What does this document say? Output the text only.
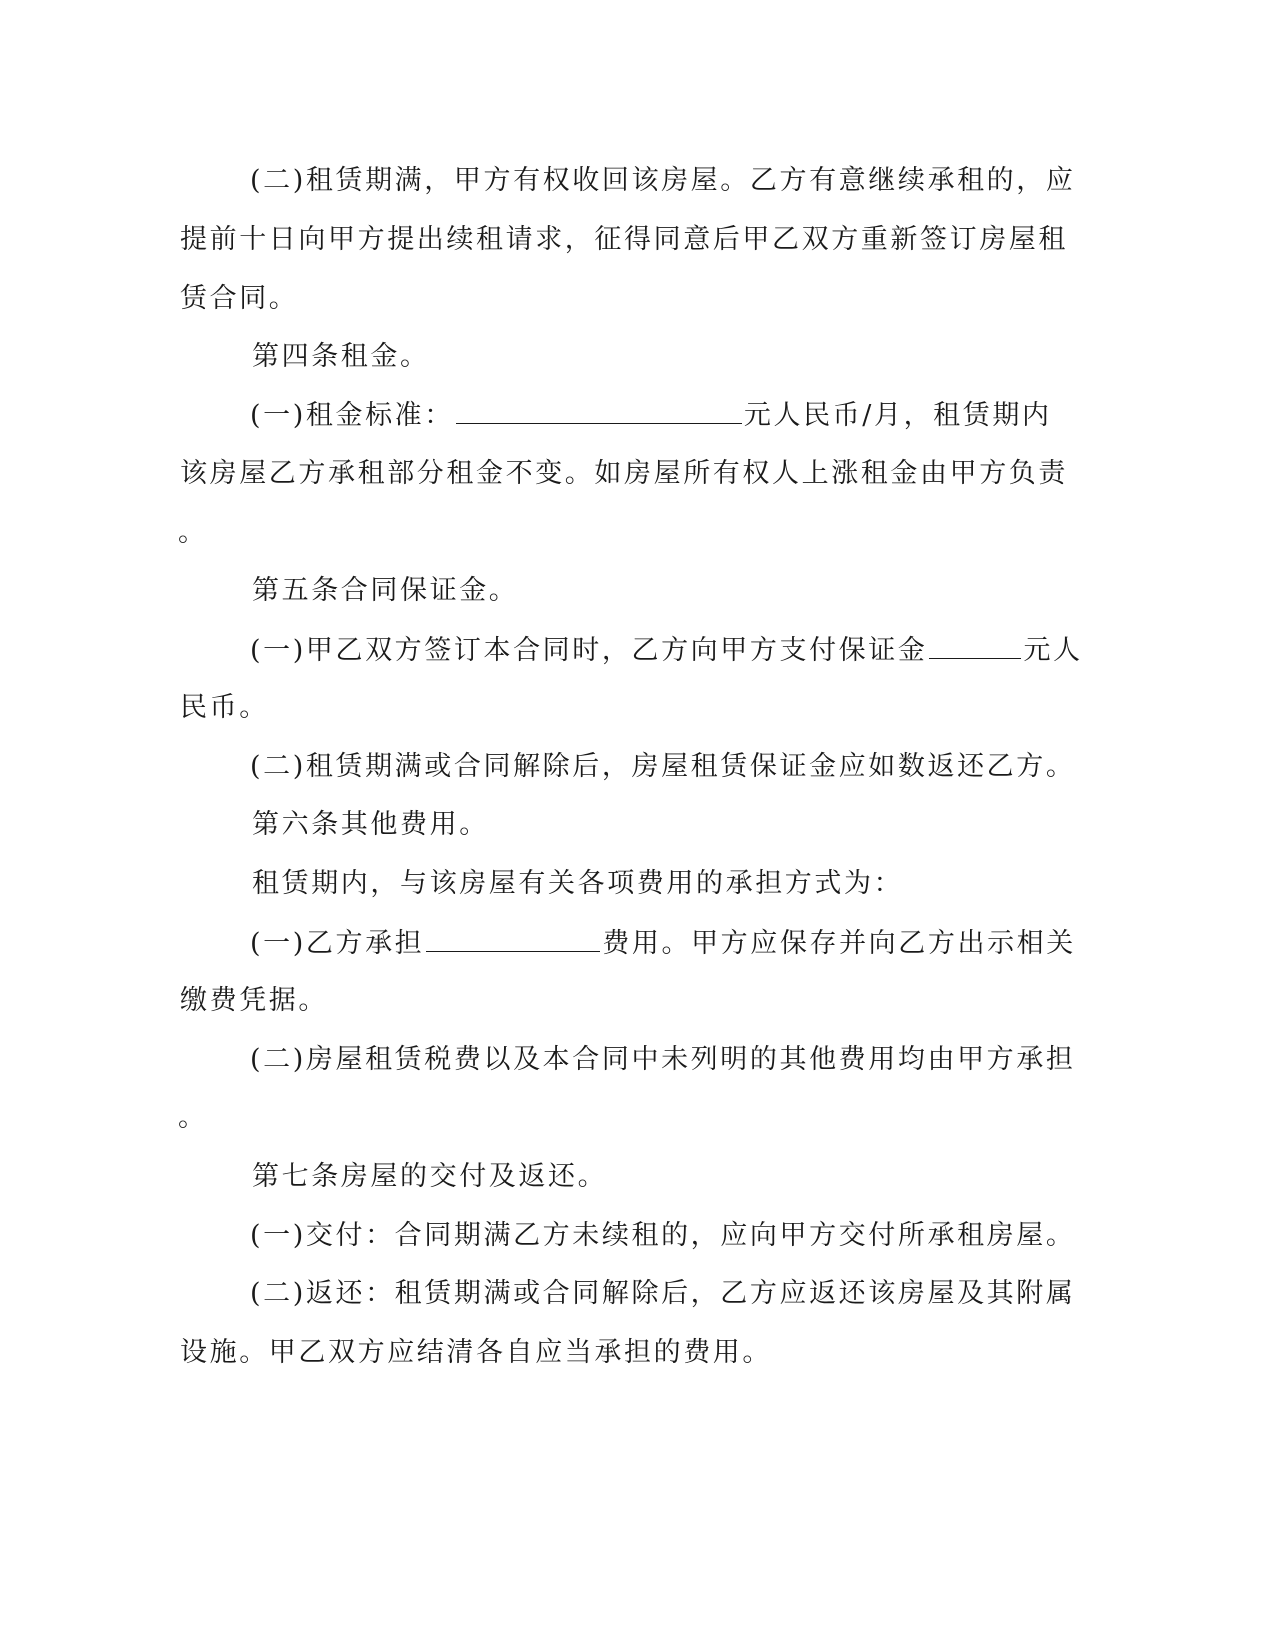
(二)租赁期满，甲方有权收回该房屋。乙方有意继续承租的，应

提前十日向甲方提出续租请求，征得同意后甲乙双方重新签订房屋租

赁合同。

第四条租金。

(一)租金标准：	元人民币/月，租赁期内

该房屋乙方承租部分租金不变。如房屋所有权人上涨租金由甲方负责

。

第五条合同保证金。

(一)甲乙双方签订本合同时，乙方向甲方支付保证金	元人

民币。

(二)租赁期满或合同解除后，房屋租赁保证金应如数返还乙方。

第六条其他费用。

租赁期内，与该房屋有关各项费用的承担方式为：

(一)乙方承担	费用。甲方应保存并向乙方出示相关

缴费凭据。

(二)房屋租赁税费以及本合同中未列明的其他费用均由甲方承担

。

第七条房屋的交付及返还。

(一)交付：合同期满乙方未续租的，应向甲方交付所承租房屋。

(二)返还：租赁期满或合同解除后，乙方应返还该房屋及其附属

设施。甲乙双方应结清各自应当承担的费用。
